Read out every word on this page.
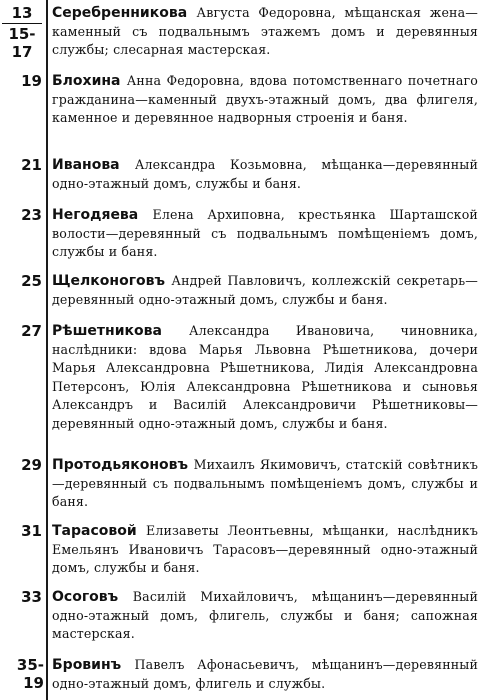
13
15-17
Серебренникова Августа Федоровна, мѣщанская жена—каменный съ подвальнымъ этажемъ домъ и деревянныя службы; слесарная мастерская.
19 Блохина Анна Федоровна, вдова потомственнаго почетнаго гражданина—каменный двухъ-этажный домъ, два флигеля, каменное и деревянное надворныя строенія и баня.
21 Иванова Александра Козьмовна, мѣщанка—деревянный одно-этажный домъ, службы и баня.
23 Негодяева Елена Архиповна, крестьянка Шарташской волости—деревянный съ подвальнымъ помѣщеніемъ домъ, службы и баня.
25 Щелконоговъ Андрей Павловичъ, коллежскій секретарь—деревянный одно-этажный домъ, службы и баня.
27 Рѣшетникова Александра Ивановича, чиновника, наслѣдники: вдова Марья Львовна Рѣшетникова, дочери Марья Александровна Рѣшетникова, Лидія Александровна Петерсонъ, Юлія Александровна Рѣшетникова и сыновья Александръ и Василій Александровичи Рѣшетниковы—деревянный одно-этажный домъ, службы и баня.
29 Протодьяконовъ Михаилъ Якимовичъ, статскій совѣтникъ—деревянный съ подвальнымъ помѣщеніемъ домъ, службы и баня.
31 Тарасовой Елизаветы Леонтьевны, мѣщанки, наслѣдникъ Емельянъ Ивановичъ Тарасовъ—деревянный одно-этажный домъ, службы и баня.
33 Осоговъ Василій Михайловичъ, мѣщанинъ—деревянный одно-этажный домъ, флигель, службы и баня; сапожная мастерская.
35-19
Бровинъ Павелъ Афонасьевичъ, мѣщанинъ—деревянный одно-этажный домъ, флигель и службы.
